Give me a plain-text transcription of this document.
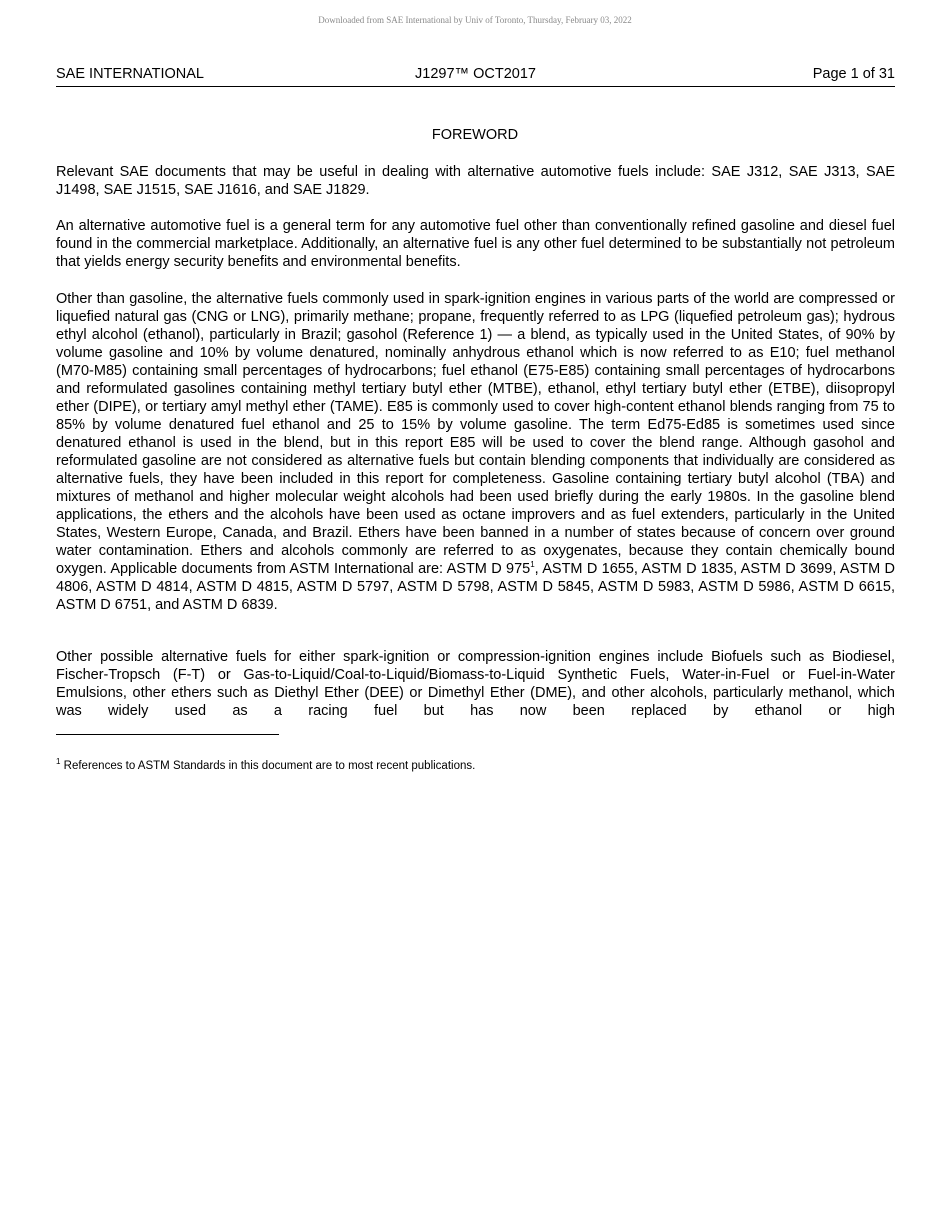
Downloaded from SAE International by Univ of Toronto, Thursday, February 03, 2022
J1297™ OCT2017
SAE INTERNATIONAL	Page 1 of 31
FOREWORD

Relevant SAE documents that may be useful in dealing with alternative automotive fuels include: SAE J312, SAE J313, SAE J1498, SAE J1515, SAE J1616, and SAE J1829.

An alternative automotive fuel is a general term for any automotive fuel other than conventionally refined gasoline and diesel fuel found in the commercial marketplace. Additionally, an alternative fuel is any other fuel determined to be substantially not petroleum that yields energy security benefits and environmental benefits.

Other than gasoline, the alternative fuels commonly used in spark-ignition engines in various parts of the world are compressed or liquefied natural gas (CNG or LNG), primarily methane; propane, frequently referred to as LPG (liquefied petroleum gas); hydrous ethyl alcohol (ethanol), particularly in Brazil; gasohol (Reference 1) — a blend, as typically used in the United States, of 90% by volume gasoline and 10% by volume denatured, nominally anhydrous ethanol which is now referred to as E10; fuel methanol (M70-M85) containing small percentages of hydrocarbons; fuel ethanol (E75-E85) containing small percentages of hydrocarbons and reformulated gasolines containing methyl tertiary butyl ether (MTBE), ethanol, ethyl tertiary butyl ether (ETBE), diisopropyl ether (DIPE), or tertiary amyl methyl ether (TAME). E85 is commonly used to cover high-content ethanol blends ranging from 75 to 85% by volume denatured fuel ethanol and 25 to 15% by volume gasoline. The term Ed75-Ed85 is sometimes used since denatured ethanol is used in the blend, but in this report E85 will be used to cover the blend range. Although gasohol and reformulated gasoline are not considered as alternative fuels but contain blending components that individually are considered as alternative fuels, they have been included in this report for completeness. Gasoline containing tertiary butyl alcohol (TBA) and mixtures of methanol and higher molecular weight alcohols had been used briefly during the early 1980s. In the gasoline blend applications, the ethers and the alcohols have been used as octane improvers and as fuel extenders, particularly in the United States, Western Europe, Canada, and Brazil. Ethers have been banned in a number of states because of concern over ground water contamination. Ethers and alcohols commonly are referred to as oxygenates, because they contain chemically bound oxygen. Applicable documents from ASTM International are: ASTM D $975^1$, ASTM D 1655, ASTM D 1835, ASTM D 3699, ASTM D 4806, ASTM D 4814, ASTM D 4815, ASTM D 5797, ASTM D 5798, ASTM D 5845, ASTM D 5983, ASTM D 5986, ASTM D 6615, ASTM D 6751, and ASTM D 6839.

Other possible alternative fuels for either spark-ignition or compression-ignition engines include Biofuels such as Biodiesel, Fischer-Tropsch (F-T) or Gas-to-Liquid/Coal-to-Liquid/Biomass-to-Liquid Synthetic Fuels, Water-in-Fuel or Fuel-in-Water Emulsions, other ethers such as Diethyl Ether (DEE) or Dimethyl Ether (DME), and other alcohols, particularly methanol, which was widely used as a racing fuel but has now been replaced by ethanol or high

$^1$ References to ASTM Standards in this document are to most recent publications.
